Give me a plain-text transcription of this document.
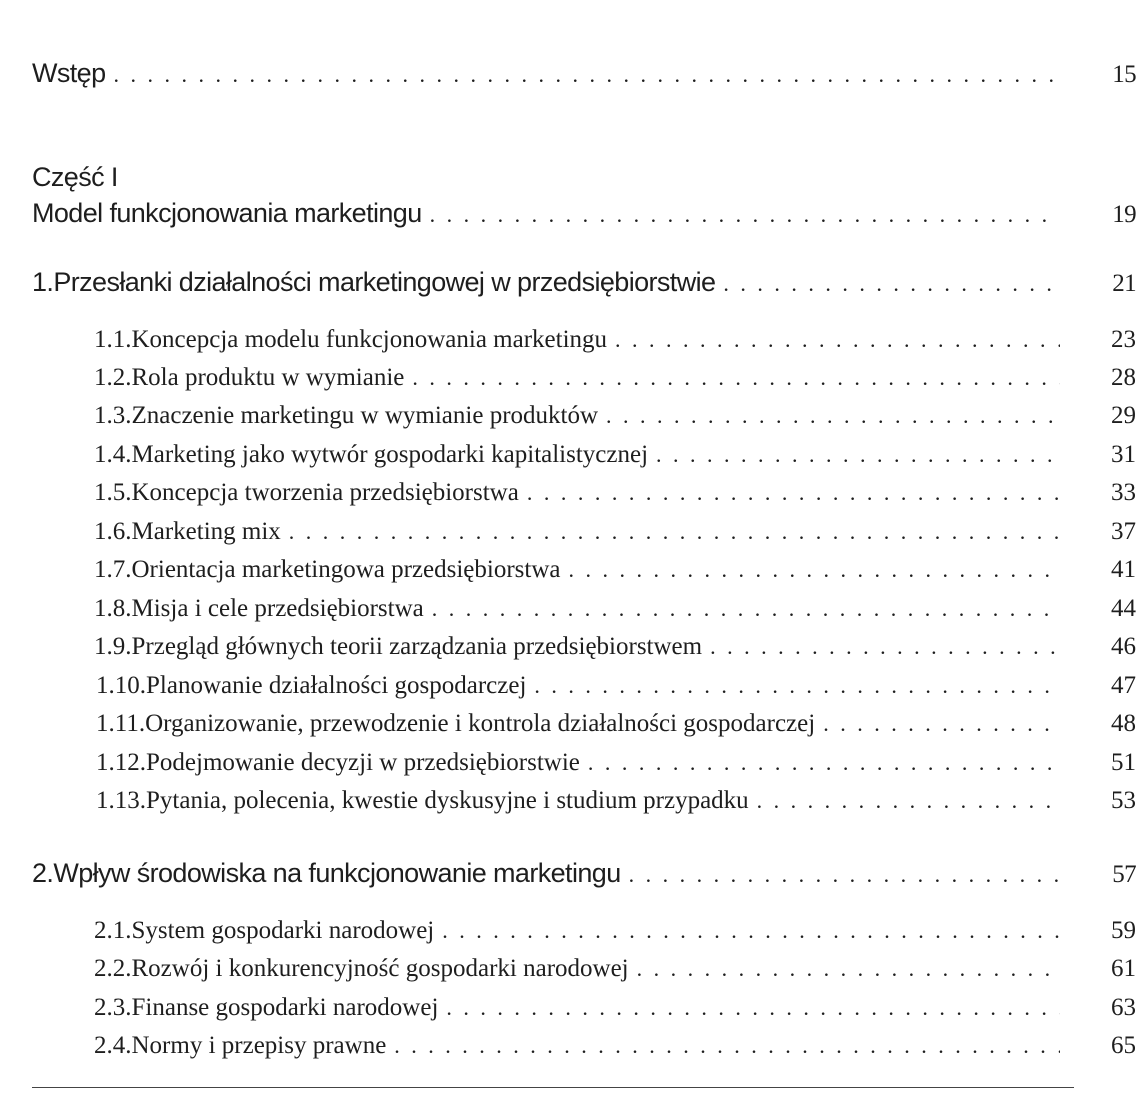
Wstęp . . .	15
Część I
Model funkcjonowania marketingu . . .	19
1. Przesłanki działalności marketingowej w przedsiębiorstwie . . .	21
1.1. Koncepcja modelu funkcjonowania marketingu . . .	23
1.2. Rola produktu w wymianie . . .	28
1.3. Znaczenie marketingu w wymianie produktów . . .	29
1.4. Marketing jako wytwór gospodarki kapitalistycznej . . .	31
1.5. Koncepcja tworzenia przedsiębiorstwa . . .	33
1.6. Marketing mix . . .	37
1.7. Orientacja marketingowa przedsiębiorstwa . . .	41
1.8. Misja i cele przedsiębiorstwa . . .	44
1.9. Przegląd głównych teorii zarządzania przedsiębiorstwem . . .	46
1.10. Planowanie działalności gospodarczej . . .	47
1.11. Organizowanie, przewodzenie i kontrola działalności gospodarczej . . .	48
1.12. Podejmowanie decyzji w przedsiębiorstwie . . .	51
1.13. Pytania, polecenia, kwestie dyskusyjne i studium przypadku . . .	53
2. Wpływ środowiska na funkcjonowanie marketingu . . .	57
2.1. System gospodarki narodowej . . .	59
2.2. Rozwój i konkurencyjność gospodarki narodowej . . .	61
2.3. Finanse gospodarki narodowej . . .	63
2.4. Normy i przepisy prawne . . .	65
